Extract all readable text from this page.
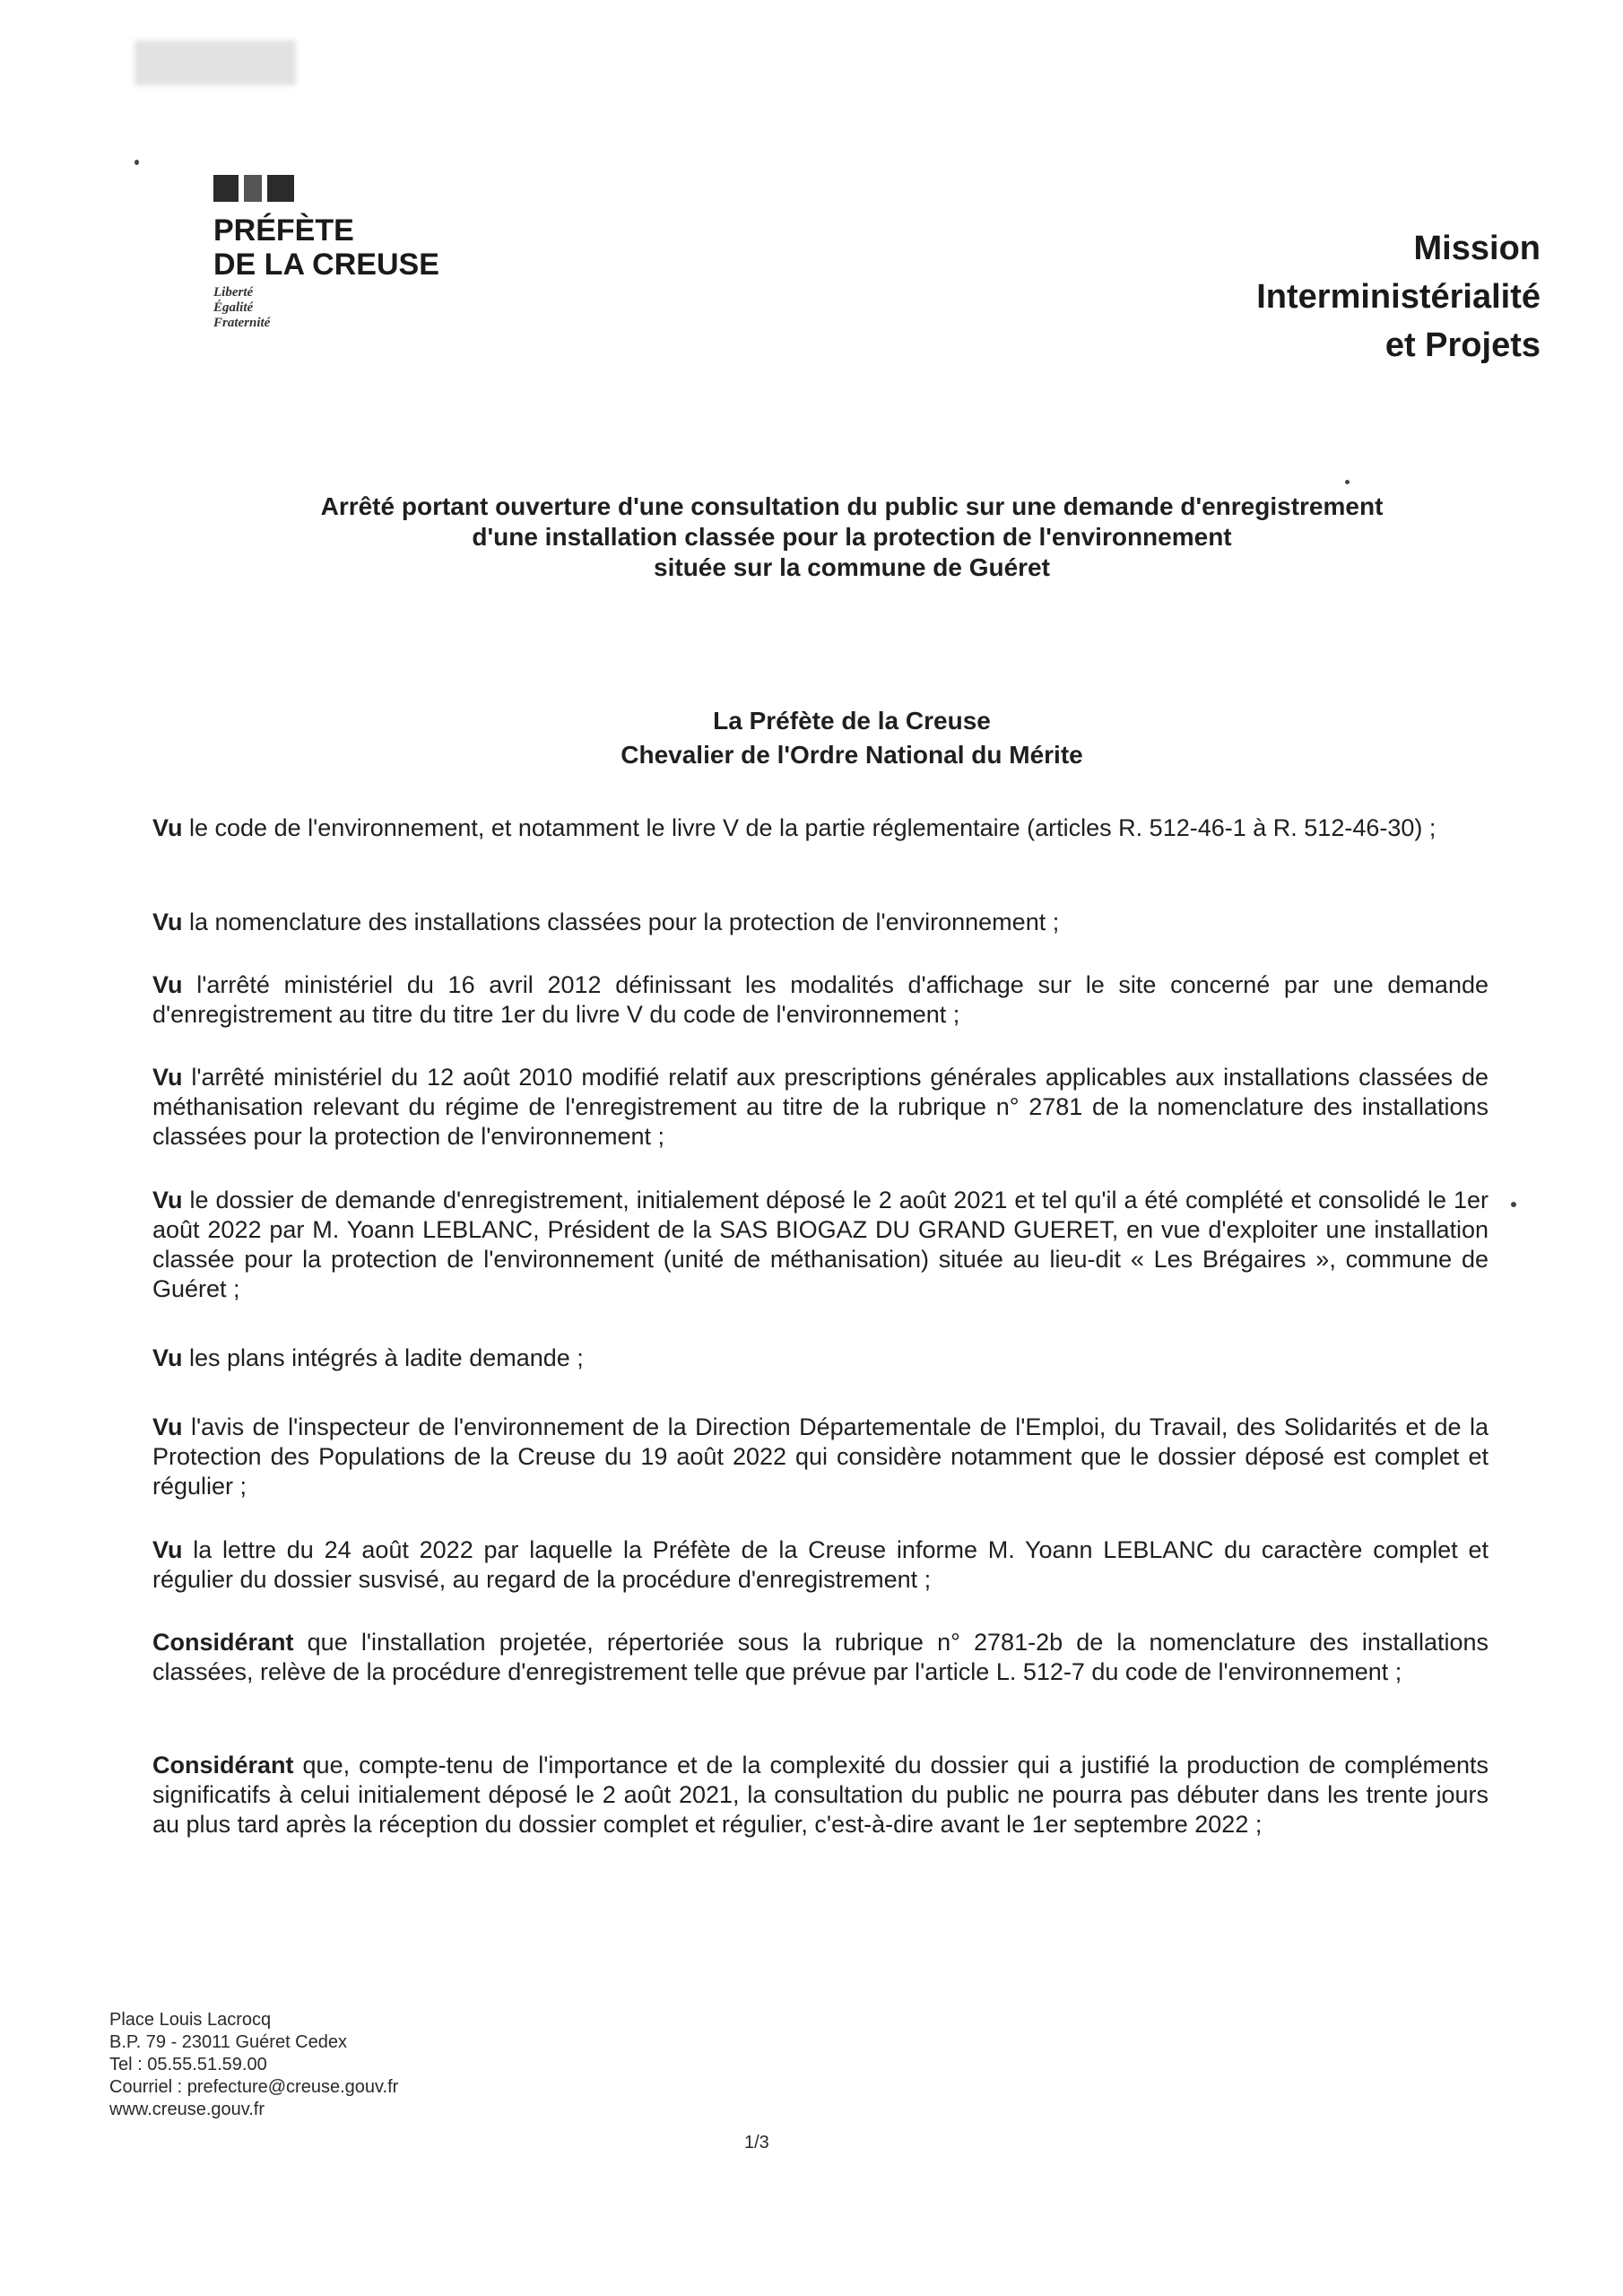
PRÉFÈTE
DE LA CREUSE
Liberté
Égalité
Fraternité
Mission
Interministérialité
et Projets
Arrêté portant ouverture d'une consultation du public sur une demande d'enregistrement
d'une installation classée pour la protection de l'environnement
située sur la commune de Guéret
La Préfète de la Creuse
Chevalier de l'Ordre National du Mérite
Vu le code de l'environnement, et notamment le livre V de la partie réglementaire (articles R. 512-46-1 à R. 512-46-30) ;
Vu la nomenclature des installations classées pour la protection de l'environnement ;
Vu l'arrêté ministériel du 16 avril 2012 définissant les modalités d'affichage sur le site concerné par une demande d'enregistrement au titre du titre 1er du livre V du code de l'environnement ;
Vu l'arrêté ministériel du 12 août 2010 modifié relatif aux prescriptions générales applicables aux installations classées de méthanisation relevant du régime de l'enregistrement au titre de la rubrique n° 2781 de la nomenclature des installations classées pour la protection de l'environnement ;
Vu le dossier de demande d'enregistrement, initialement déposé le 2 août 2021 et tel qu'il a été complété et consolidé le 1er août 2022 par M. Yoann LEBLANC, Président de la SAS BIOGAZ DU GRAND GUERET, en vue d'exploiter une installation classée pour la protection de l'environnement (unité de méthanisation) située au lieu-dit « Les Brégaires », commune de Guéret ;
Vu les plans intégrés à ladite demande ;
Vu l'avis de l'inspecteur de l'environnement de la Direction Départementale de l'Emploi, du Travail, des Solidarités et de la Protection des Populations de la Creuse du 19 août 2022 qui considère notamment que le dossier déposé est complet et régulier ;
Vu la lettre du 24 août 2022 par laquelle la Préfète de la Creuse informe M. Yoann LEBLANC du caractère complet et régulier du dossier susvisé, au regard de la procédure d'enregistrement ;
Considérant que l'installation projetée, répertoriée sous la rubrique n° 2781-2b de la nomenclature des installations classées, relève de la procédure d'enregistrement telle que prévue par l'article L. 512-7 du code de l'environnement ;
Considérant que, compte-tenu de l'importance et de la complexité du dossier qui a justifié la production de compléments significatifs à celui initialement déposé le 2 août 2021, la consultation du public ne pourra pas débuter dans les trente jours au plus tard après la réception du dossier complet et régulier, c'est-à-dire avant le 1er septembre 2022 ;
Place Louis Lacrocq
B.P. 79 - 23011 Guéret Cedex
Tel : 05.55.51.59.00
Courriel : prefecture@creuse.gouv.fr
www.creuse.gouv.fr
1/3
